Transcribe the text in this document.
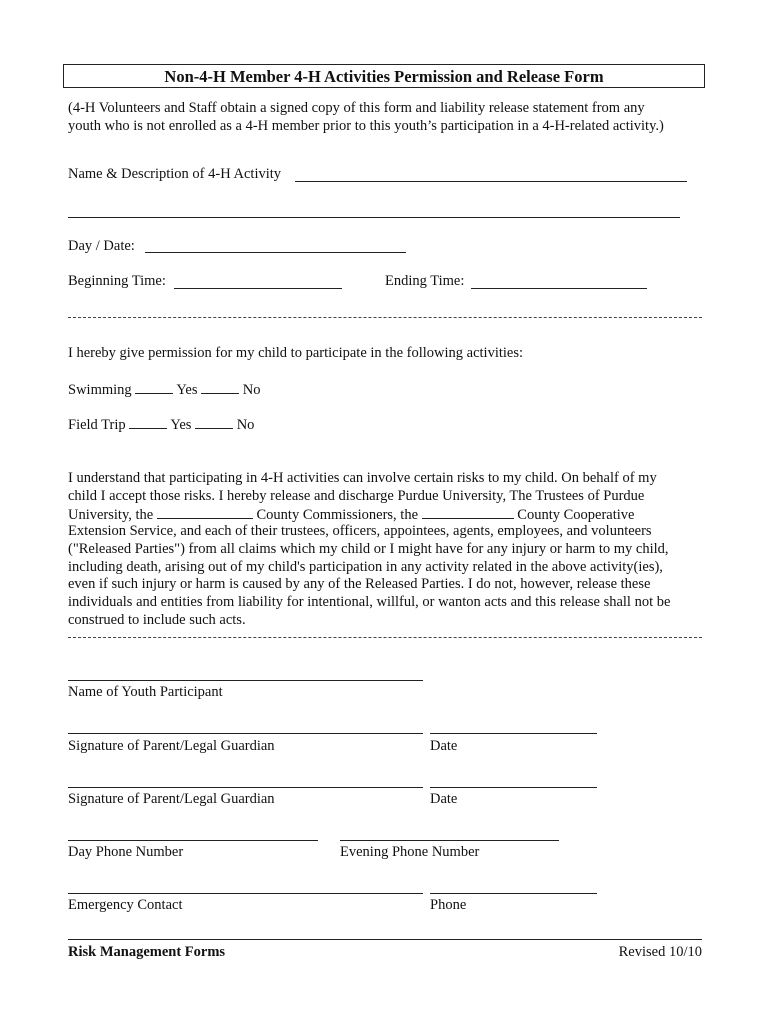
Non-4-H Member 4-H Activities Permission and Release Form
(4-H Volunteers and Staff obtain a signed copy of this form and liability release statement from any
youth who is not enrolled as a 4-H member prior to this youth’s participation in a 4-H-related activity.)
Name & Description of 4-H Activity
Day / Date:
Beginning Time:	Ending Time:
I hereby give permission for my child to participate in the following activities:
Swimming	Yes	No
Field Trip	Yes	No
I understand that participating in 4-H activities can involve certain risks to my child. On behalf of my
child I accept those risks. I hereby release and discharge Purdue University, The Trustees of Purdue
University, the	County Commissioners, the	County Cooperative
Extension Service, and each of their trustees, officers, appointees, agents, employees, and volunteers
("Released Parties") from all claims which my child or I might have for any injury or harm to my child,
including death, arising out of my child's participation in any activity related in the above activity(ies),
even if such injury or harm is caused by any of the Released Parties. I do not, however, release these
individuals and entities from liability for intentional, willful, or wanton acts and this release shall not be
construed to include such acts.
Name of Youth Participant
Signature of Parent/Legal Guardian	Date
Signature of Parent/Legal Guardian	Date
Day Phone Number	Evening Phone Number
Emergency Contact	Phone
Risk Management Forms	Revised 10/10
